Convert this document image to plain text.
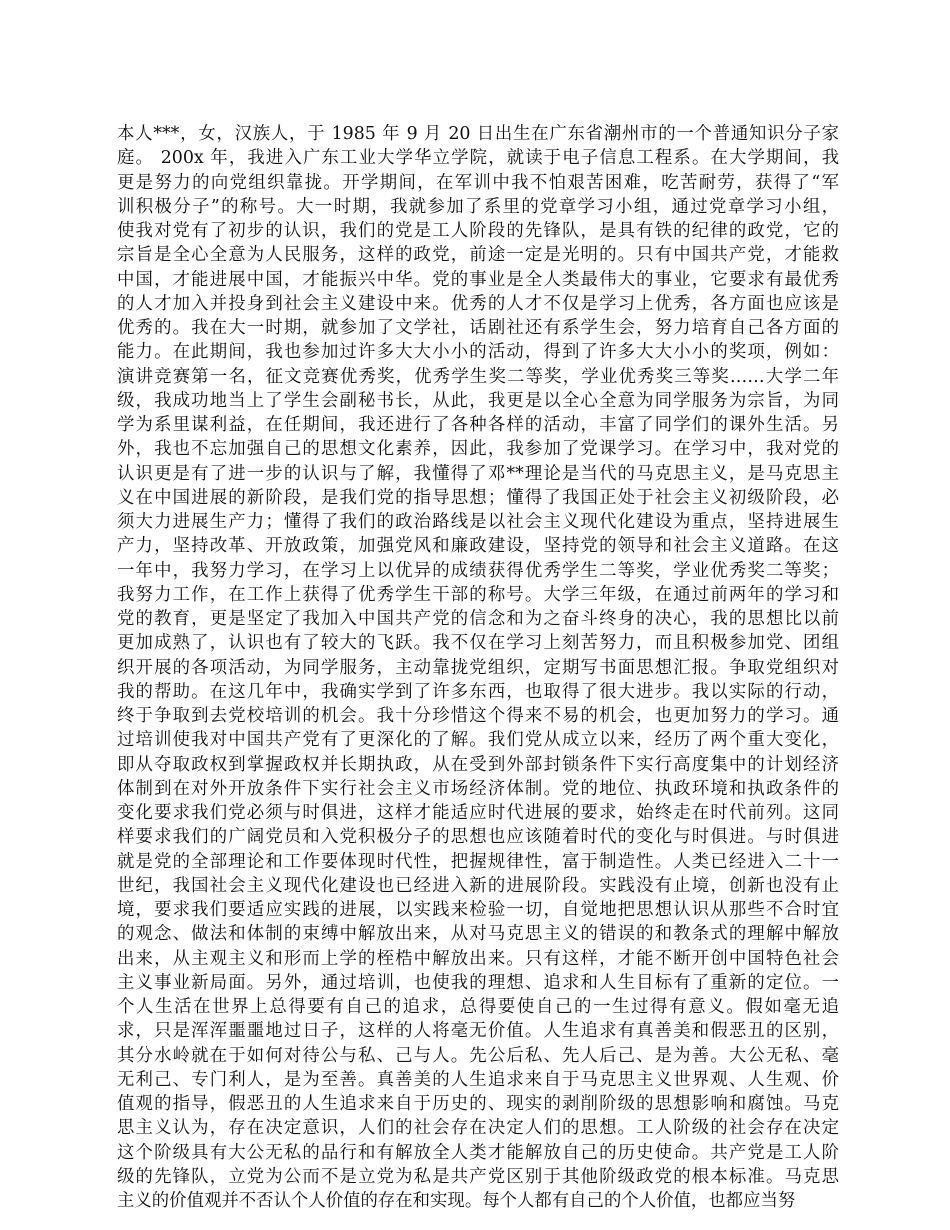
本人***，女，汉族人，于 1985 年 9 月 20 日出生在广东省潮州市的一个普通知识分子家
庭。 200x 年，我进入广东工业大学华立学院，就读于电子信息工程系。在大学期间，我
更是努力的向党组织靠拢。开学期间，在军训中我不怕艰苦困难，吃苦耐劳，获得了“军
训积极分子”的称号。大一时期，我就参加了系里的党章学习小组，通过党章学习小组，
使我对党有了初步的认识，我们的党是工人阶段的先锋队，是具有铁的纪律的政党，它的
宗旨是全心全意为人民服务，这样的政党，前途一定是光明的。只有中国共产党，才能救
中国，才能进展中国，才能振兴中华。党的事业是全人类最伟大的事业，它要求有最优秀
的人才加入并投身到社会主义建设中来。优秀的人才不仅是学习上优秀，各方面也应该是
优秀的。我在大一时期，就参加了文学社，话剧社还有系学生会，努力培育自己各方面的
能力。在此期间，我也参加过许多大大小小的活动，得到了许多大大小小的奖项，例如：
演讲竞赛第一名，征文竞赛优秀奖，优秀学生奖二等奖，学业优秀奖三等奖……大学二年
级，我成功地当上了学生会副秘书长，从此，我更是以全心全意为同学服务为宗旨，为同
学为系里谋利益，在任期间，我还进行了各种各样的活动，丰富了同学们的课外生活。另
外，我也不忘加强自己的思想文化素养，因此，我参加了党课学习。在学习中，我对党的
认识更是有了进一步的认识与了解，我懂得了邓**理论是当代的马克思主义，是马克思主
义在中国进展的新阶段，是我们党的指导思想；懂得了我国正处于社会主义初级阶段，必
须大力进展生产力；懂得了我们的政治路线是以社会主义现代化建设为重点，坚持进展生
产力，坚持改革、开放政策，加强党风和廉政建设，坚持党的领导和社会主义道路。在这
一年中，我努力学习，在学习上以优异的成绩获得优秀学生二等奖，学业优秀奖二等奖；
我努力工作，在工作上获得了优秀学生干部的称号。大学三年级，在通过前两年的学习和
党的教育，更是坚定了我加入中国共产党的信念和为之奋斗终身的决心，我的思想比以前
更加成熟了，认识也有了较大的飞跃。我不仅在学习上刻苦努力，而且积极参加党、团组
织开展的各项活动，为同学服务，主动靠拢党组织，定期写书面思想汇报。争取党组织对
我的帮助。在这几年中，我确实学到了许多东西，也取得了很大进步。我以实际的行动，
终于争取到去党校培训的机会。我十分珍惜这个得来不易的机会，也更加努力的学习。通
过培训使我对中国共产党有了更深化的了解。我们党从成立以来，经历了两个重大变化，
即从夺取政权到掌握政权并长期执政，从在受到外部封锁条件下实行高度集中的计划经济
体制到在对外开放条件下实行社会主义市场经济体制。党的地位、执政环境和执政条件的
变化要求我们党必须与时俱进，这样才能适应时代进展的要求，始终走在时代前列。这同
样要求我们的广阔党员和入党积极分子的思想也应该随着时代的变化与时俱进。与时俱进
就是党的全部理论和工作要体现时代性，把握规律性，富于制造性。人类已经进入二十一
世纪，我国社会主义现代化建设也已经进入新的进展阶段。实践没有止境，创新也没有止
境，要求我们要适应实践的进展，以实践来检验一切，自觉地把思想认识从那些不合时宜
的观念、做法和体制的束缚中解放出来，从对马克思主义的错误的和教条式的理解中解放
出来，从主观主义和形而上学的桎梏中解放出来。只有这样，才能不断开创中国特色社会
主义事业新局面。另外，通过培训，也使我的理想、追求和人生目标有了重新的定位。一
个人生活在世界上总得要有自己的追求，总得要使自己的一生过得有意义。假如毫无追
求，只是浑浑噩噩地过日子，这样的人将毫无价值。人生追求有真善美和假恶丑的区别，
其分水岭就在于如何对待公与私、己与人。先公后私、先人后己、是为善。大公无私、毫
无利己、专门利人，是为至善。真善美的人生追求来自于马克思主义世界观、人生观、价
值观的指导，假恶丑的人生追求来自于历史的、现实的剥削阶级的思想影响和腐蚀。马克
思主义认为，存在决定意识，人们的社会存在决定人们的思想。工人阶级的社会存在决定
这个阶级具有大公无私的品行和有解放全人类才能解放自己的历史使命。共产党是工人阶
级的先锋队，立党为公而不是立党为私是共产党区别于其他阶级政党的根本标准。马克思
主义的价值观并不否认个人价值的存在和实现。每个人都有自己的个人价值，也都应当努
